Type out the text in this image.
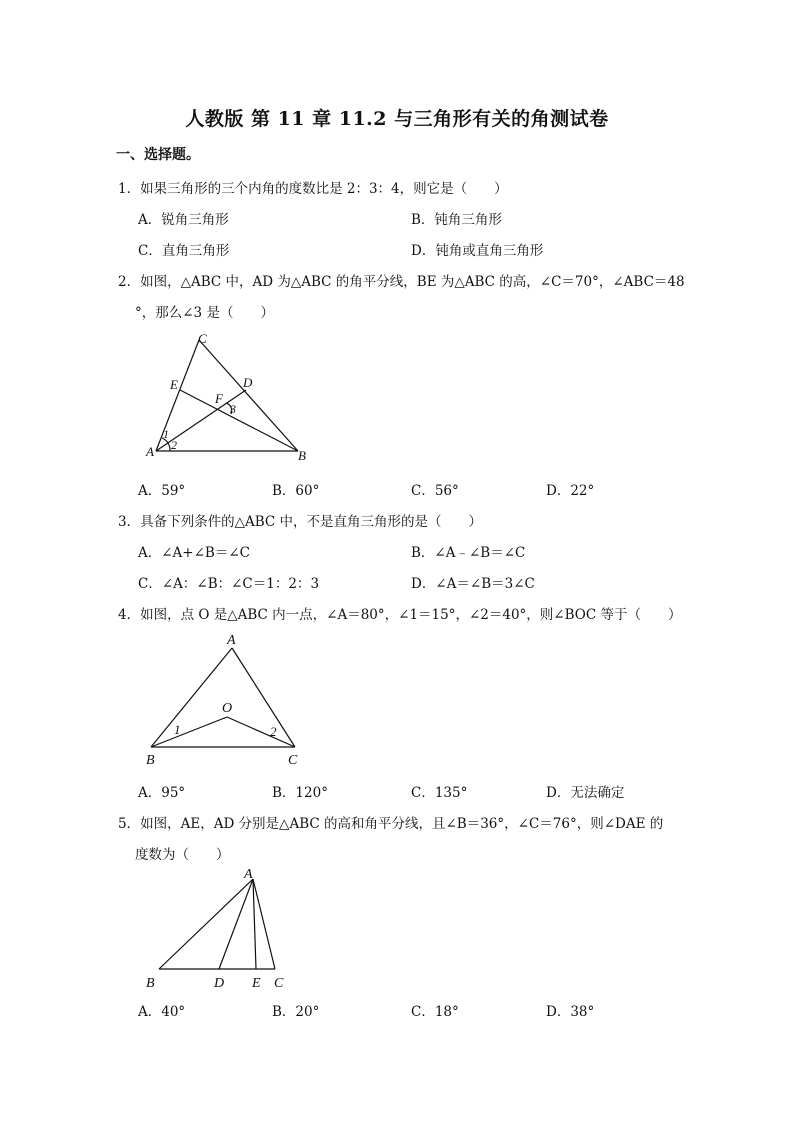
人教版 第 11 章 11.2 与三角形有关的角测试卷
一、选择题。
1．如果三角形的三个内角的度数比是 2：3：4，则它是（　　）
A．锐角三角形	B．钝角三角形
C．直角三角形	D．钝角或直角三角形
2．如图，△ABC 中，AD 为△ABC 的角平分线，BE 为△ABC 的高，∠C＝70°，∠ABC＝48
°，那么∠3 是（　　）
C
E	D
F
A	B
1
2
3
A．59°	B．60°	C．56°	D．22°
3．具备下列条件的△ABC 中，不是直角三角形的是（　　）
A．∠A+∠B＝∠C	B．∠A﹣∠B＝∠C
C．∠A：∠B：∠C＝1：2：3	D．∠A＝∠B＝3∠C
4．如图，点 O 是△ABC 内一点，∠A＝80°，∠1＝15°，∠2＝40°，则∠BOC 等于（　　）
A
O
B	C
1	2
A．95°	B．120°	C．135°	D．无法确定
5．如图，AE，AD 分别是△ABC 的高和角平分线，且∠B＝36°，∠C＝76°，则∠DAE 的
度数为（　　）
A
B	D E C
A．40°	B．20°	C．18°	D．38°
